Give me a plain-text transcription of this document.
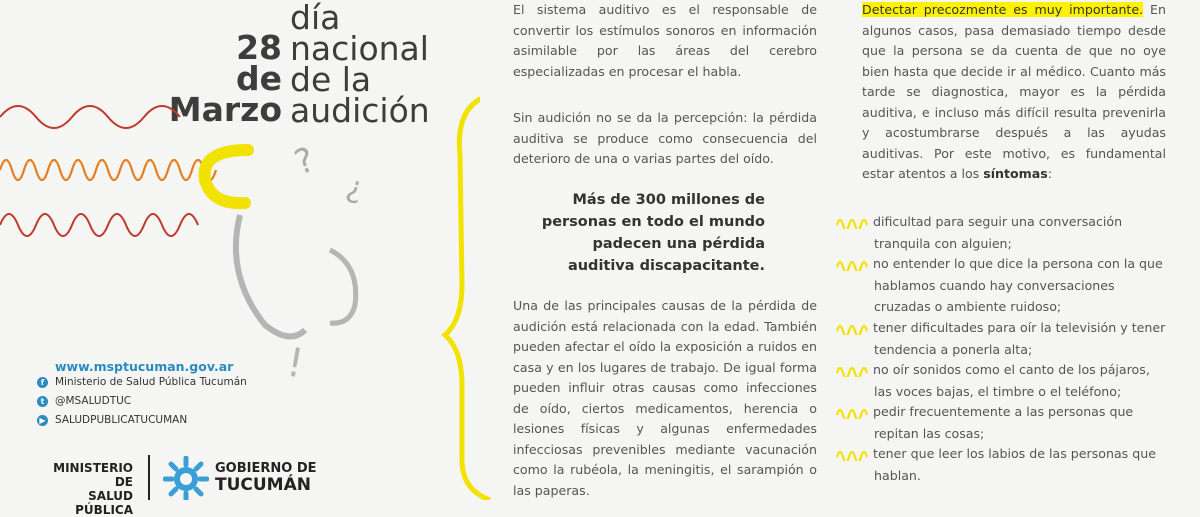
28
de
Marzo
día
nacional
de la
audición
?
¿
!
www.msptucuman.gov.ar
f	Ministerio de Salud Pública Tucumán
t	@MSALUDTUC
▶ SALUDPUBLICATUCUMAN
MINISTERIO DE
SALUD PÚBLICA
GOBIERNO DE
TUCUMÁN
El sistema auditivo es el responsable de convertir los estímulos sonoros en información asimilable por las áreas del cerebro especializadas en procesar el habla.
Sin audición no se da la percepción: la pérdida auditiva se produce como consecuencia del deterioro de una o varias partes del oído.
Más de 300 millones de personas en todo el mundo padecen una pérdida auditiva discapacitante.
Una de las principales causas de la pérdida de audición está relacionada con la edad. También pueden afectar el oído la exposición a ruidos en casa y en los lugares de trabajo. De igual forma pueden influir otras causas como infecciones de oído, ciertos medicamentos, herencia o lesiones físicas y algunas enfermedades infecciosas prevenibles mediante vacunación como la rubéola, la meningitis, el sarampión o las paperas.
Detectar precozmente es muy importante. En algunos casos, pasa demasiado tiempo desde que la persona se da cuenta de que no oye bien hasta que decide ir al médico. Cuanto más tarde se diagnostica, mayor es la pérdida auditiva, e incluso más difícil resulta prevenirla y acostumbrarse después a las ayudas auditivas. Por este motivo, es fundamental estar atentos a los síntomas:
dificultad para seguir una conversación tranquila con alguien;
no entender lo que dice la persona con la que hablamos cuando hay conversaciones cruzadas o ambiente ruidoso;
tener dificultades para oír la televisión y tener tendencia a ponerla alta;
no oír sonidos como el canto de los pájaros, las voces bajas, el timbre o el teléfono;
pedir frecuentemente a las personas que repitan las cosas;
tener que leer los labios de las personas que hablan.
